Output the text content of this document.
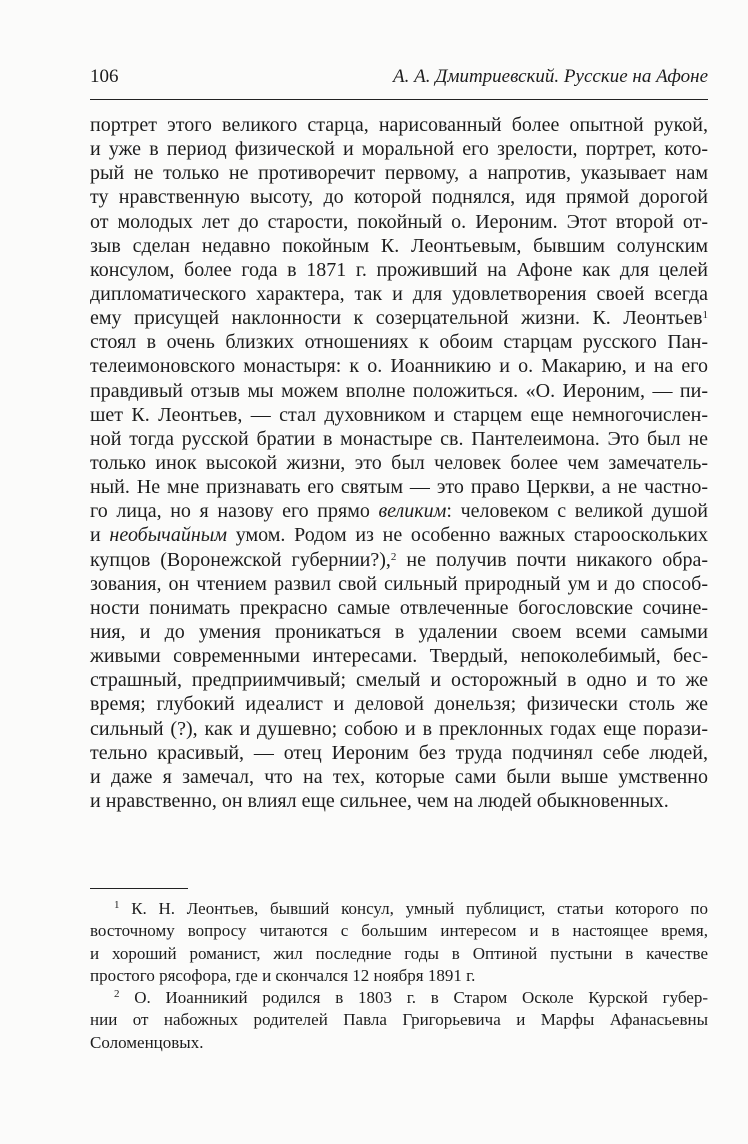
106	А. А. Дмитриевский. Русские на Афоне
портрет этого великого старца, нарисованный более опытной рукой,
и уже в период физической и моральной его зрелости, портрет, кото-
рый не только не противоречит первому, а напротив, указывает нам
ту нравственную высоту, до которой поднялся, идя прямой дорогой
от молодых лет до старости, покойный о. Иероним. Этот второй от-
зыв сделан недавно покойным К. Леонтьевым, бывшим солунским
консулом, более года в 1871 г. проживший на Афоне как для целей
дипломатического характера, так и для удовлетворения своей всегда
ему присущей наклонности к созерцательной жизни. К. Леонтьев$^1$
стоял в очень близких отношениях к обоим старцам русского Пан-
телеимоновского монастыря: к о. Иоанникию и о. Макарию, и на его
правдивый отзыв мы можем вполне положиться. «О. Иероним, — пи-
шет К. Леонтьев, — стал духовником и старцем еще немногочислен-
ной тогда русской братии в монастыре св. Пантелеимона. Это был не
только инок высокой жизни, это был человек более чем замечатель-
ный. Не мне признавать его святым — это право Церкви, а не частно-
го лица, но я назову его прямо великим: человеком с великой душой
и необычайным умом. Родом из не особенно важных старооскольких
купцов (Воронежской губернии?),$^2$ не получив почти никакого обра-
зования, он чтением развил свой сильный природный ум и до способ-
ности понимать прекрасно самые отвлеченные богословские сочине-
ния, и до умения проникаться в удалении своем всеми самыми
живыми современными интересами. Твердый, непоколебимый, бес-
страшный, предприимчивый; смелый и осторожный в одно и то же
время; глубокий идеалист и деловой донельзя; физически столь же
сильный (?), как и душевно; собою и в преклонных годах еще порази-
тельно красивый, — отец Иероним без труда подчинял себе людей,
и даже я замечал, что на тех, которые сами были выше умственно
и нравственно, он влиял еще сильнее, чем на людей обыкновенных.
$^1$ К. Н. Леонтьев, бывший консул, умный публицист, статьи которого по
восточному вопросу читаются с большим интересом и в настоящее время,
и хороший романист, жил последние годы в Оптиной пустыни в качестве
простого рясофора, где и скончался 12 ноября 1891 г.
$^2$ О. Иоанникий родился в 1803 г. в Старом Осколе Курской губер-
нии от набожных родителей Павла Григорьевича и Марфы Афанасьевны
Соломенцовых.
